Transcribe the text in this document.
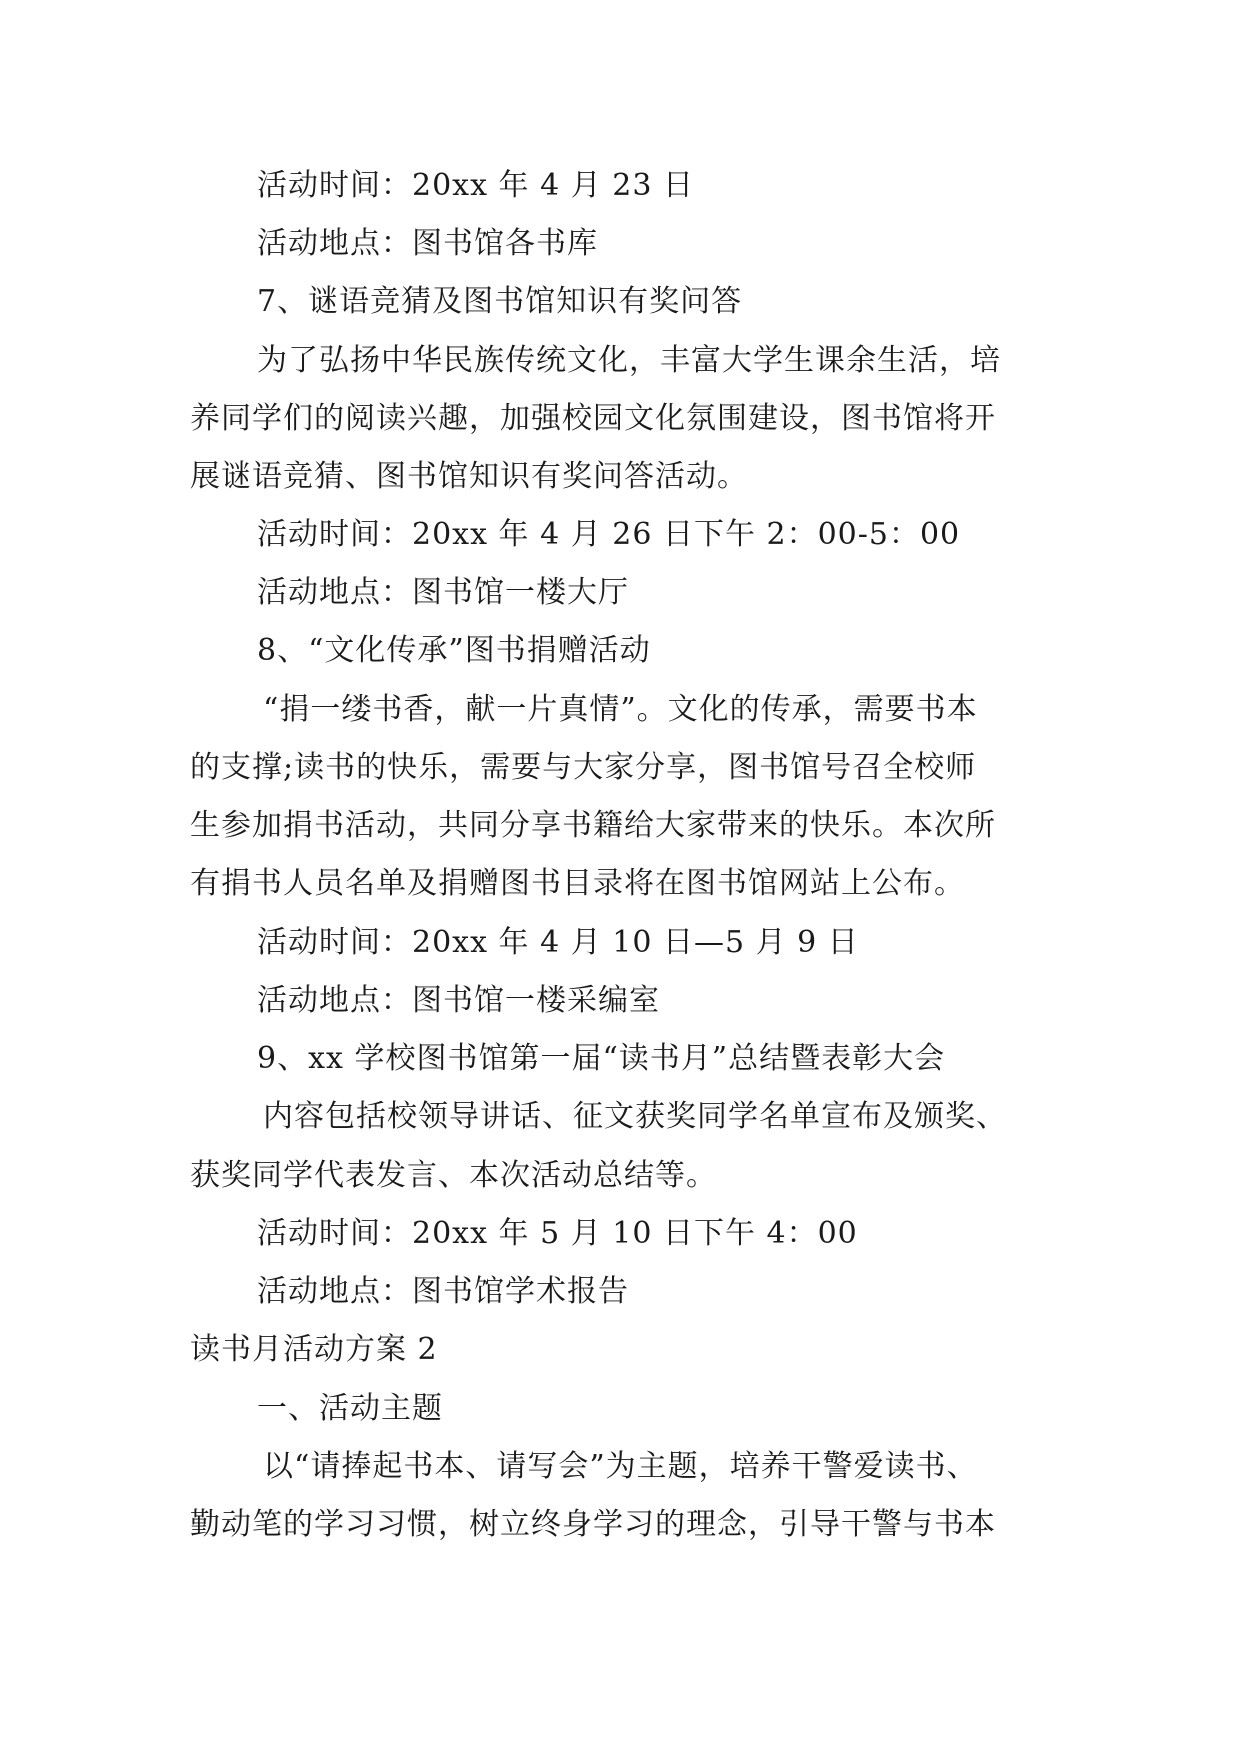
活动时间：20xx 年 4 月 23 日
活动地点：图书馆各书库
7、谜语竞猜及图书馆知识有奖问答
为了弘扬中华民族传统文化，丰富大学生课余生活，培
养同学们的阅读兴趣，加强校园文化氛围建设，图书馆将开
展谜语竞猜、图书馆知识有奖问答活动。
活动时间：20xx 年 4 月 26 日下午 2：00-5：00
活动地点：图书馆一楼大厅
8、“文化传承”图书捐赠活动
“捐一缕书香，献一片真情”。文化的传承，需要书本
的支撑;读书的快乐，需要与大家分享，图书馆号召全校师
生参加捐书活动，共同分享书籍给大家带来的快乐。本次所
有捐书人员名单及捐赠图书目录将在图书馆网站上公布。
活动时间：20xx 年 4 月 10 日—5 月 9 日
活动地点：图书馆一楼采编室
9、xx 学校图书馆第一届“读书月”总结暨表彰大会
内容包括校领导讲话、征文获奖同学名单宣布及颁奖、
获奖同学代表发言、本次活动总结等。
活动时间：20xx 年 5 月 10 日下午 4：00
活动地点：图书馆学术报告
读书月活动方案 2
一、活动主题
以“请捧起书本、请写会”为主题，培养干警爱读书、
勤动笔的学习习惯，树立终身学习的理念，引导干警与书本
